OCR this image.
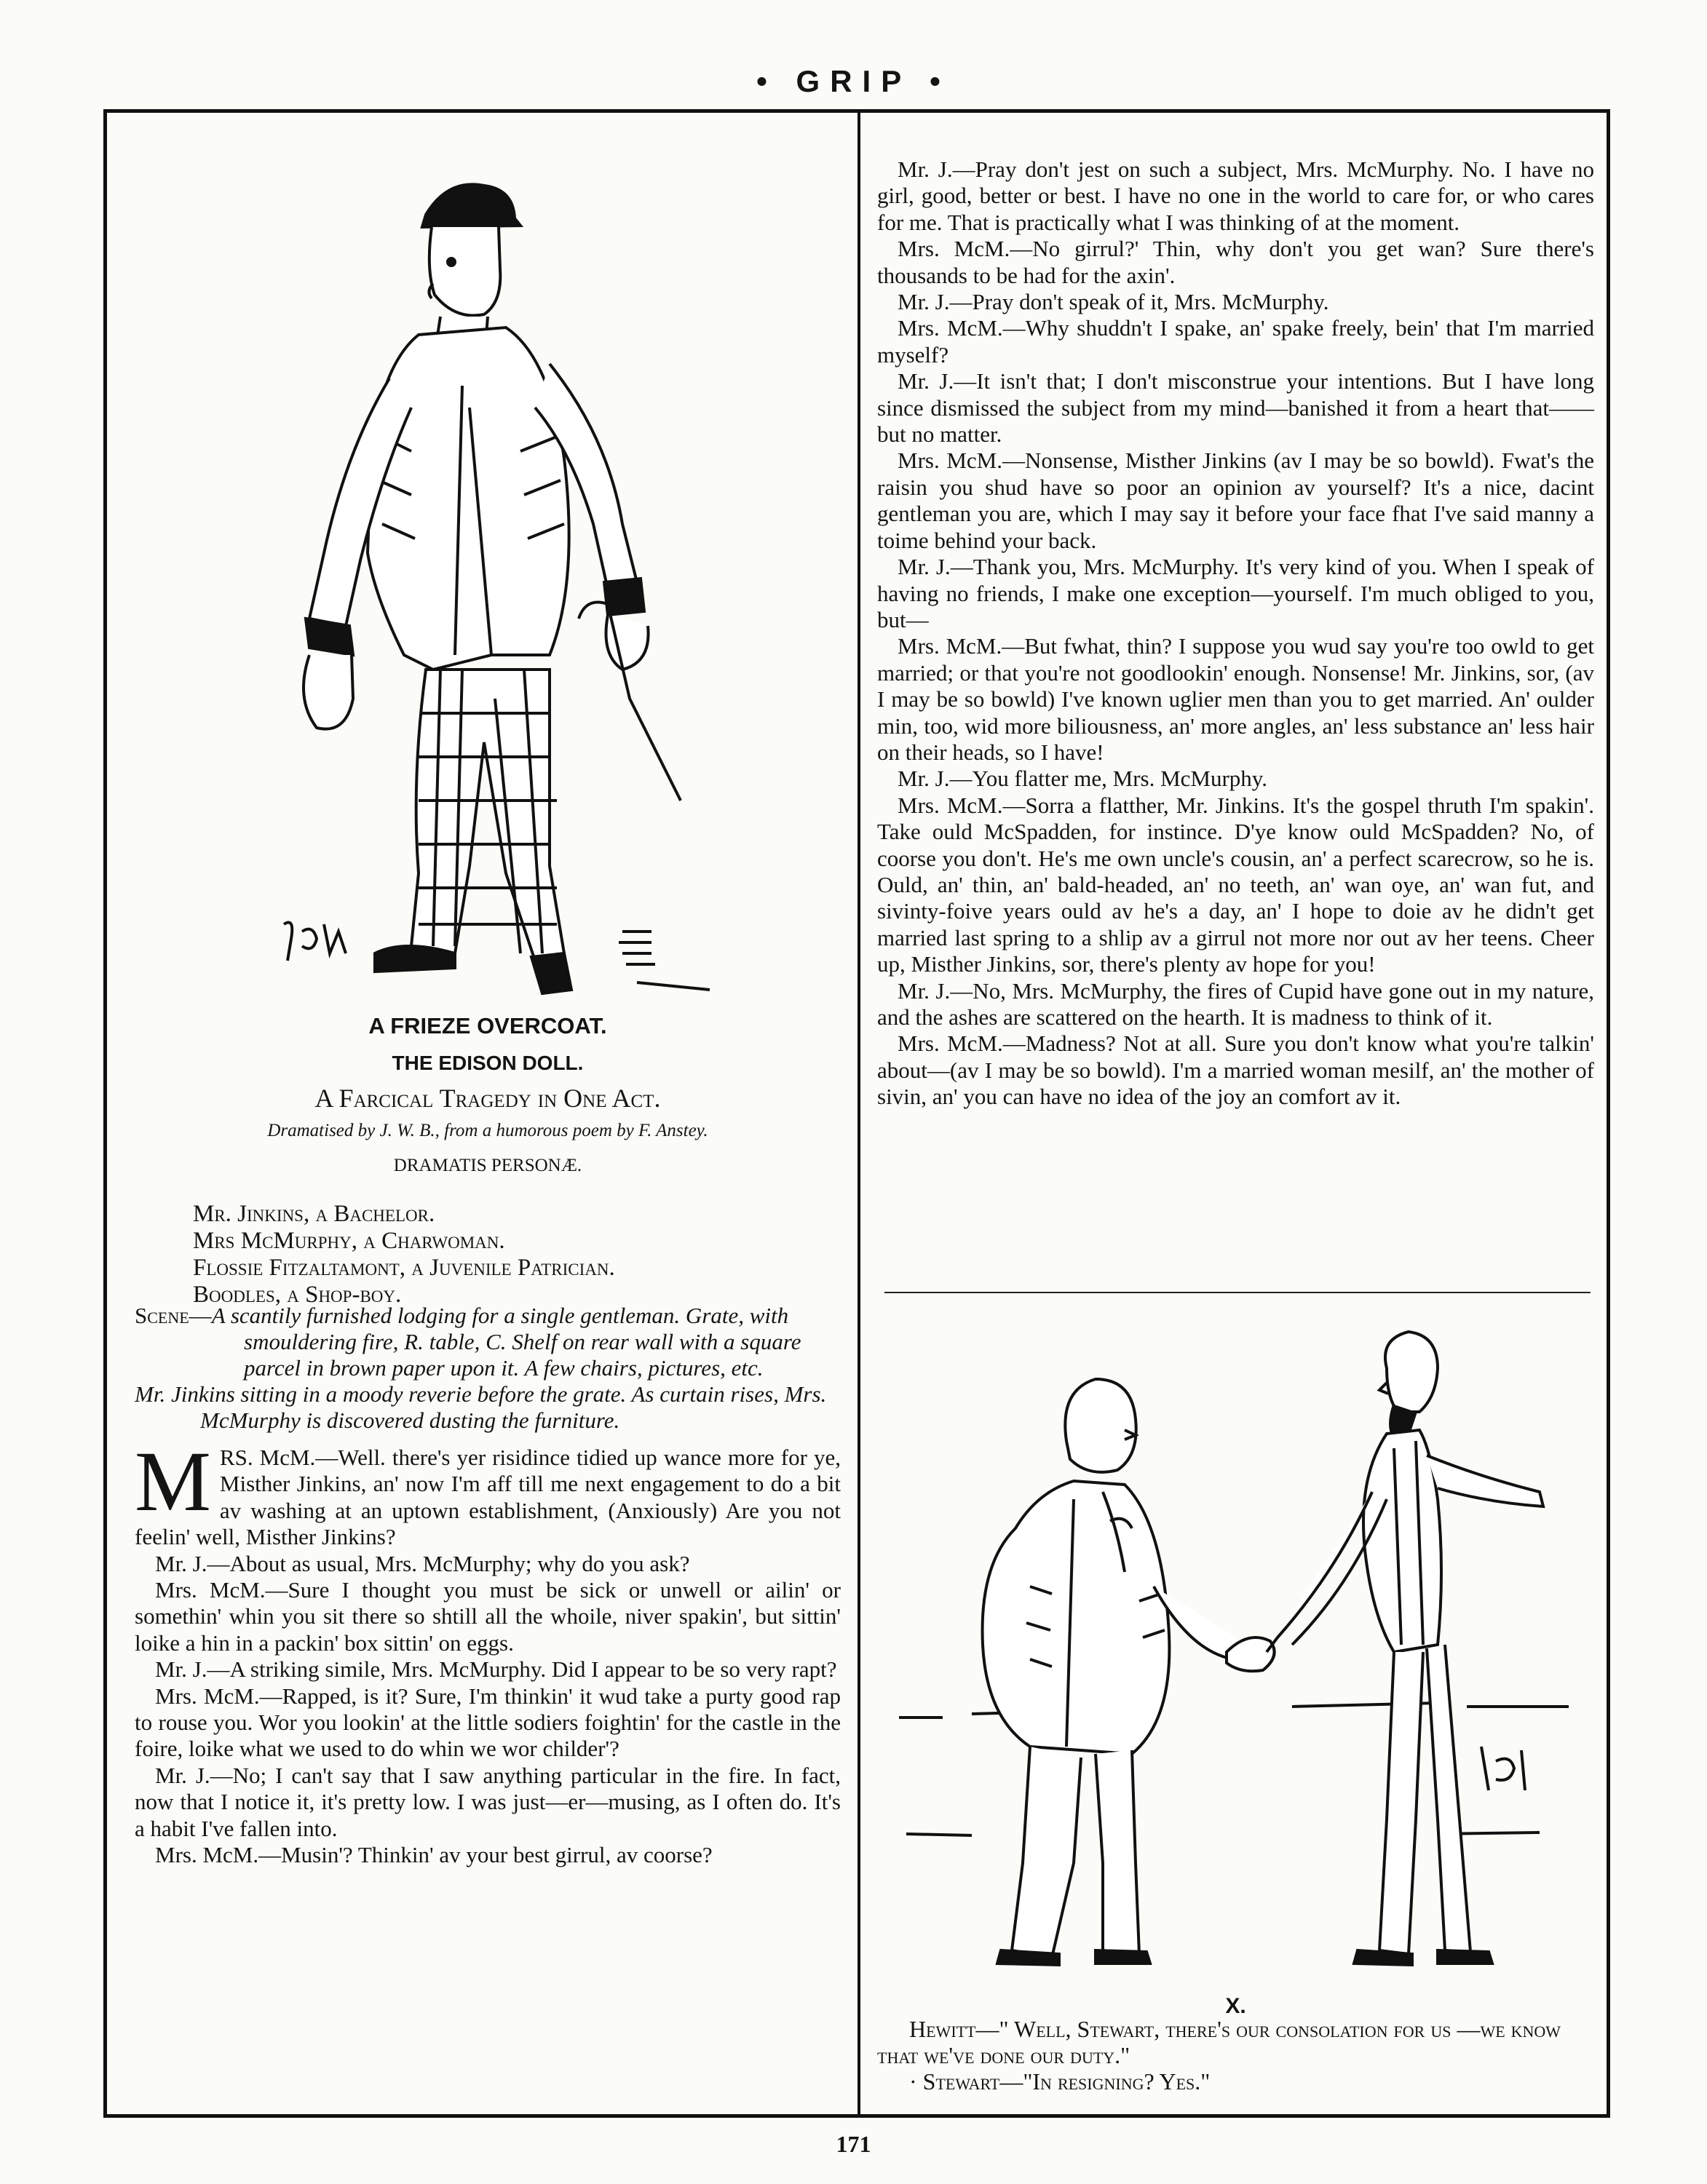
• GRIP •
A FRIEZE OVERCOAT.
THE EDISON DOLL.
A Farcical Tragedy in One Act.
Dramatised by J. W. B., from a humorous poem by F. Anstey.
DRAMATIS PERSONÆ.
Mr. Jinkins, a Bachelor.
Mrs McMurphy, a Charwoman.
Flossie Fitzaltamont, a Juvenile Patrician.
Boodles, a Shop-boy.
Scene—A scantily furnished lodging for a single gentleman. Grate, with smouldering fire, R. table, C. Shelf on rear wall with a square parcel in brown paper upon it. A few chairs, pictures, etc.
Mr. Jinkins sitting in a moody reverie before the grate. As curtain rises, Mrs. McMurphy is discovered dusting the furniture.

MRS. McM.—Well. there's yer risidince tidied up wance more for ye, Misther Jinkins, an' now I'm aff till me next engagement to do a bit av washing at an uptown establishment, (Anxiously) Are you not feelin' well, Misther Jinkins?

Mr. J.—About as usual, Mrs. McMurphy; why do you ask?

Mrs. McM.—Sure I thought you must be sick or unwell or ailin' or somethin' whin you sit there so shtill all the whoile, niver spakin', but sittin' loike a hin in a packin' box sittin' on eggs.

Mr. J.—A striking simile, Mrs. McMurphy. Did I appear to be so very rapt?

Mrs. McM.—Rapped, is it? Sure, I'm thinkin' it wud take a purty good rap to rouse you. Wor you lookin' at the little sodiers foightin' for the castle in the foire, loike what we used to do whin we wor childer'?

Mr. J.—No; I can't say that I saw anything particular in the fire. In fact, now that I notice it, it's pretty low. I was just—er—musing, as I often do. It's a habit I've fallen into.

Mrs. McM.—Musin'? Thinkin' av your best girrul, av coorse?

Mr. J.—Pray don't jest on such a subject, Mrs. McMurphy. No. I have no girl, good, better or best. I have no one in the world to care for, or who cares for me. That is practically what I was thinking of at the moment.

Mrs. McM.—No girrul?' Thin, why don't you get wan? Sure there's thousands to be had for the axin'.

Mr. J.—Pray don't speak of it, Mrs. McMurphy.

Mrs. McM.—Why shuddn't I spake, an' spake freely, bein' that I'm married myself?

Mr. J.—It isn't that; I don't misconstrue your intentions. But I have long since dismissed the subject from my mind—banished it from a heart that——but no matter.

Mrs. McM.—Nonsense, Misther Jinkins (av I may be so bowld). Fwat's the raisin you shud have so poor an opinion av yourself? It's a nice, dacint gentleman you are, which I may say it before your face fhat I've said manny a toime behind your back.

Mr. J.—Thank you, Mrs. McMurphy. It's very kind of you. When I speak of having no friends, I make one exception—yourself. I'm much obliged to you, but—

Mrs. McM.—But fwhat, thin? I suppose you wud say you're too owld to get married; or that you're not goodlookin' enough. Nonsense! Mr. Jinkins, sor, (av I may be so bowld) I've known uglier men than you to get married. An' oulder min, too, wid more biliousness, an' more angles, an' less substance an' less hair on their heads, so I have!

Mr. J.—You flatter me, Mrs. McMurphy.

Mrs. McM.—Sorra a flatther, Mr. Jinkins. It's the gospel thruth I'm spakin'. Take ould McSpadden, for instince. D'ye know ould McSpadden? No, of coorse you don't. He's me own uncle's cousin, an' a perfect scarecrow, so he is. Ould, an' thin, an' bald-headed, an' no teeth, an' wan oye, an' wan fut, and sivinty-foive years ould av he's a day, an' I hope to doie av he didn't get married last spring to a shlip av a girrul not more nor out av her teens. Cheer up, Misther Jinkins, sor, there's plenty av hope for you!

Mr. J.—No, Mrs. McMurphy, the fires of Cupid have gone out in my nature, and the ashes are scattered on the hearth. It is madness to think of it.

Mrs. McM.—Madness? Not at all. Sure you don't know what you're talkin' about—(av I may be so bowld). I'm a married woman mesilf, an' the mother of sivin, an' you can have no idea of the joy an comfort av it.

X.

Hewitt—" Well, Stewart, there's our consolation for us —we know that we've done our duty."

· Stewart—"In resigning? Yes."

171
